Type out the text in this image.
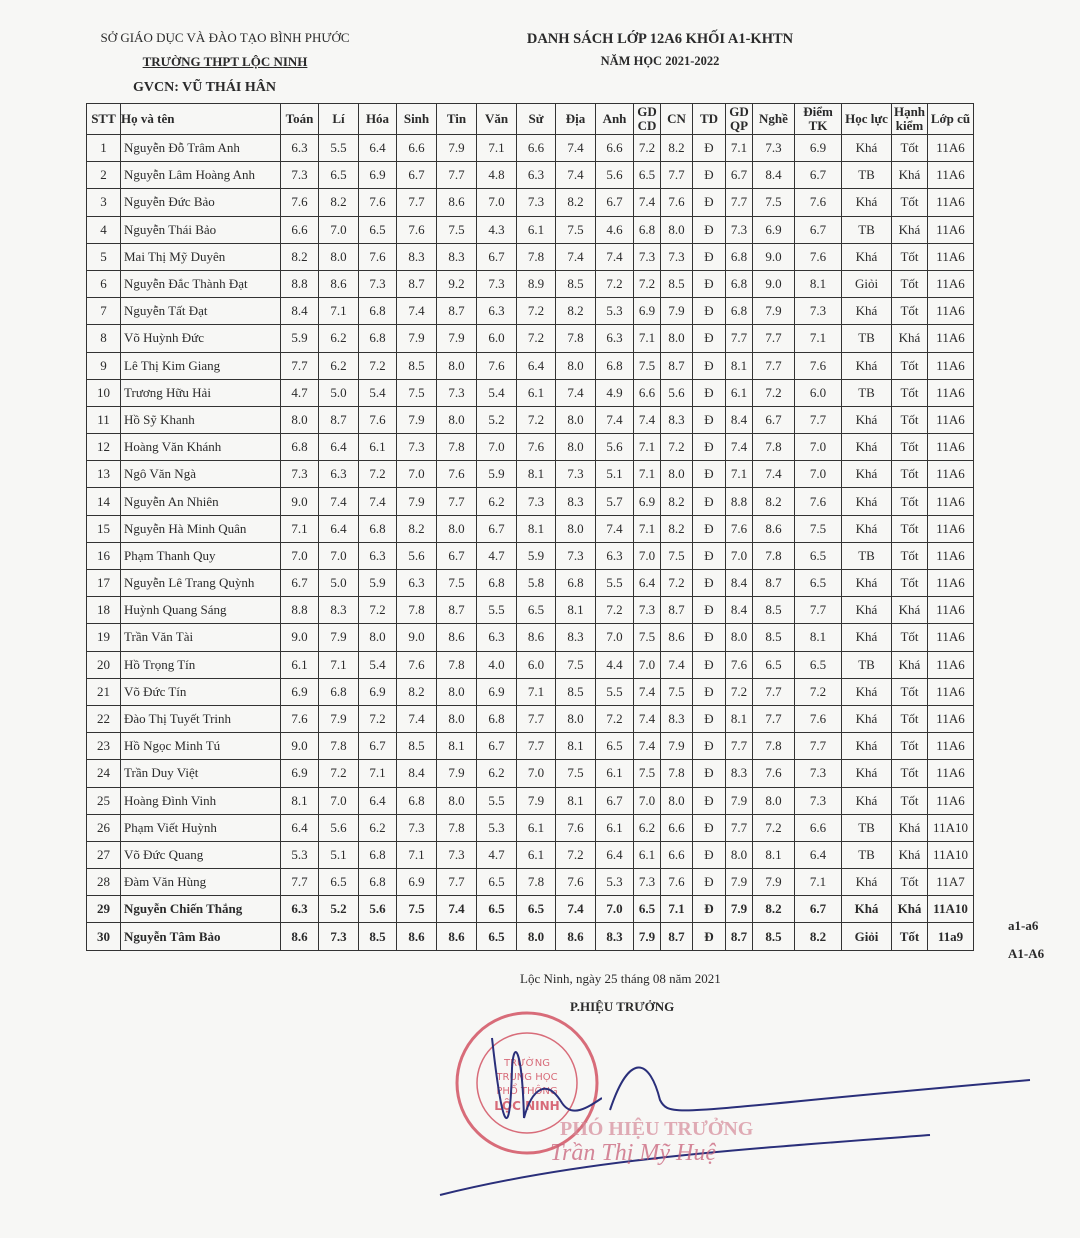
SỞ GIÁO DỤC VÀ ĐÀO TẠO BÌNH PHƯỚC
TRƯỜNG THPT LỘC NINH
GVCN: VŨ THÁI HÂN
DANH SÁCH LỚP 12A6 KHỐI A1-KHTN
NĂM HỌC 2021-2022
STT	Họ và tên	Toán	Lí	Hóa	Sinh	Tin	Văn	Sử	Địa	Anh	GD CD	CN	TD	GD QP	Nghề	Điểm TK	Học lực	Hạnh kiểm	Lớp cũ
1	Nguyễn Đỗ Trâm Anh	6.3	5.5	6.4	6.6	7.9	7.1	6.6	7.4	6.6	7.2	8.2	Đ	7.1	7.3	6.9	Khá	Tốt	11A6
2	Nguyễn Lâm Hoàng Anh	7.3	6.5	6.9	6.7	7.7	4.8	6.3	7.4	5.6	6.5	7.7	Đ	6.7	8.4	6.7	TB	Khá	11A6
3	Nguyễn Đức Bảo	7.6	8.2	7.6	7.7	8.6	7.0	7.3	8.2	6.7	7.4	7.6	Đ	7.7	7.5	7.6	Khá	Tốt	11A6
4	Nguyễn Thái Bảo	6.6	7.0	6.5	7.6	7.5	4.3	6.1	7.5	4.6	6.8	8.0	Đ	7.3	6.9	6.7	TB	Khá	11A6
5	Mai Thị Mỹ Duyên	8.2	8.0	7.6	8.3	8.3	6.7	7.8	7.4	7.4	7.3	7.3	Đ	6.8	9.0	7.6	Khá	Tốt	11A6
6	Nguyễn Đắc Thành Đạt	8.8	8.6	7.3	8.7	9.2	7.3	8.9	8.5	7.2	7.2	8.5	Đ	6.8	9.0	8.1	Giỏi	Tốt	11A6
7	Nguyễn Tất Đạt	8.4	7.1	6.8	7.4	8.7	6.3	7.2	8.2	5.3	6.9	7.9	Đ	6.8	7.9	7.3	Khá	Tốt	11A6
8	Võ Huỳnh Đức	5.9	6.2	6.8	7.9	7.9	6.0	7.2	7.8	6.3	7.1	8.0	Đ	7.7	7.7	7.1	TB	Khá	11A6
9	Lê Thị Kim Giang	7.7	6.2	7.2	8.5	8.0	7.6	6.4	8.0	6.8	7.5	8.7	Đ	8.1	7.7	7.6	Khá	Tốt	11A6
10	Trương Hữu Hải	4.7	5.0	5.4	7.5	7.3	5.4	6.1	7.4	4.9	6.6	5.6	Đ	6.1	7.2	6.0	TB	Tốt	11A6
11	Hồ Sỹ Khanh	8.0	8.7	7.6	7.9	8.0	5.2	7.2	8.0	7.4	7.4	8.3	Đ	8.4	6.7	7.7	Khá	Tốt	11A6
12	Hoàng Văn Khánh	6.8	6.4	6.1	7.3	7.8	7.0	7.6	8.0	5.6	7.1	7.2	Đ	7.4	7.8	7.0	Khá	Tốt	11A6
13	Ngô Văn Ngà	7.3	6.3	7.2	7.0	7.6	5.9	8.1	7.3	5.1	7.1	8.0	Đ	7.1	7.4	7.0	Khá	Tốt	11A6
14	Nguyễn An Nhiên	9.0	7.4	7.4	7.9	7.7	6.2	7.3	8.3	5.7	6.9	8.2	Đ	8.8	8.2	7.6	Khá	Tốt	11A6
15	Nguyễn Hà Minh Quân	7.1	6.4	6.8	8.2	8.0	6.7	8.1	8.0	7.4	7.1	8.2	Đ	7.6	8.6	7.5	Khá	Tốt	11A6
16	Phạm Thanh Quy	7.0	7.0	6.3	5.6	6.7	4.7	5.9	7.3	6.3	7.0	7.5	Đ	7.0	7.8	6.5	TB	Tốt	11A6
17	Nguyễn Lê Trang Quỳnh	6.7	5.0	5.9	6.3	7.5	6.8	5.8	6.8	5.5	6.4	7.2	Đ	8.4	8.7	6.5	Khá	Tốt	11A6
18	Huỳnh Quang Sáng	8.8	8.3	7.2	7.8	8.7	5.5	6.5	8.1	7.2	7.3	8.7	Đ	8.4	8.5	7.7	Khá	Khá	11A6
19	Trần Văn Tài	9.0	7.9	8.0	9.0	8.6	6.3	8.6	8.3	7.0	7.5	8.6	Đ	8.0	8.5	8.1	Khá	Tốt	11A6
20	Hồ Trọng Tín	6.1	7.1	5.4	7.6	7.8	4.0	6.0	7.5	4.4	7.0	7.4	Đ	7.6	6.5	6.5	TB	Khá	11A6
21	Võ Đức Tín	6.9	6.8	6.9	8.2	8.0	6.9	7.1	8.5	5.5	7.4	7.5	Đ	7.2	7.7	7.2	Khá	Tốt	11A6
22	Đào Thị Tuyết Trinh	7.6	7.9	7.2	7.4	8.0	6.8	7.7	8.0	7.2	7.4	8.3	Đ	8.1	7.7	7.6	Khá	Tốt	11A6
23	Hồ Ngọc Minh Tú	9.0	7.8	6.7	8.5	8.1	6.7	7.7	8.1	6.5	7.4	7.9	Đ	7.7	7.8	7.7	Khá	Tốt	11A6
24	Trần Duy Việt	6.9	7.2	7.1	8.4	7.9	6.2	7.0	7.5	6.1	7.5	7.8	Đ	8.3	7.6	7.3	Khá	Tốt	11A6
25	Hoàng Đình Vinh	8.1	7.0	6.4	6.8	8.0	5.5	7.9	8.1	6.7	7.0	8.0	Đ	7.9	8.0	7.3	Khá	Tốt	11A6
26	Phạm Viết Huỳnh	6.4	5.6	6.2	7.3	7.8	5.3	6.1	7.6	6.1	6.2	6.6	Đ	7.7	7.2	6.6	TB	Khá	11A10
27	Võ Đức Quang	5.3	5.1	6.8	7.1	7.3	4.7	6.1	7.2	6.4	6.1	6.6	Đ	8.0	8.1	6.4	TB	Khá	11A10
28	Đàm Văn Hùng	7.7	6.5	6.8	6.9	7.7	6.5	7.8	7.6	5.3	7.3	7.6	Đ	7.9	7.9	7.1	Khá	Tốt	11A7
29	Nguyễn Chiến Thắng	6.3	5.2	5.6	7.5	7.4	6.5	6.5	7.4	7.0	6.5	7.1	Đ	7.9	8.2	6.7	Khá	Khá	11A10
30	Nguyễn Tâm Bảo	8.6	7.3	8.5	8.6	8.6	6.5	8.0	8.6	8.3	7.9	8.7	Đ	8.7	8.5	8.2	Giỏi	Tốt	11a9
a1-a6
A1-A6
Lộc Ninh, ngày 25 tháng 08 năm 2021
P.HIỆU TRƯỞNG
TRƯỜNG
TRUNG HỌC
PHỔ THÔNG
LỘC NINH
PHÓ HIỆU TRƯỞNG
Trần Thị Mỹ Huệ
